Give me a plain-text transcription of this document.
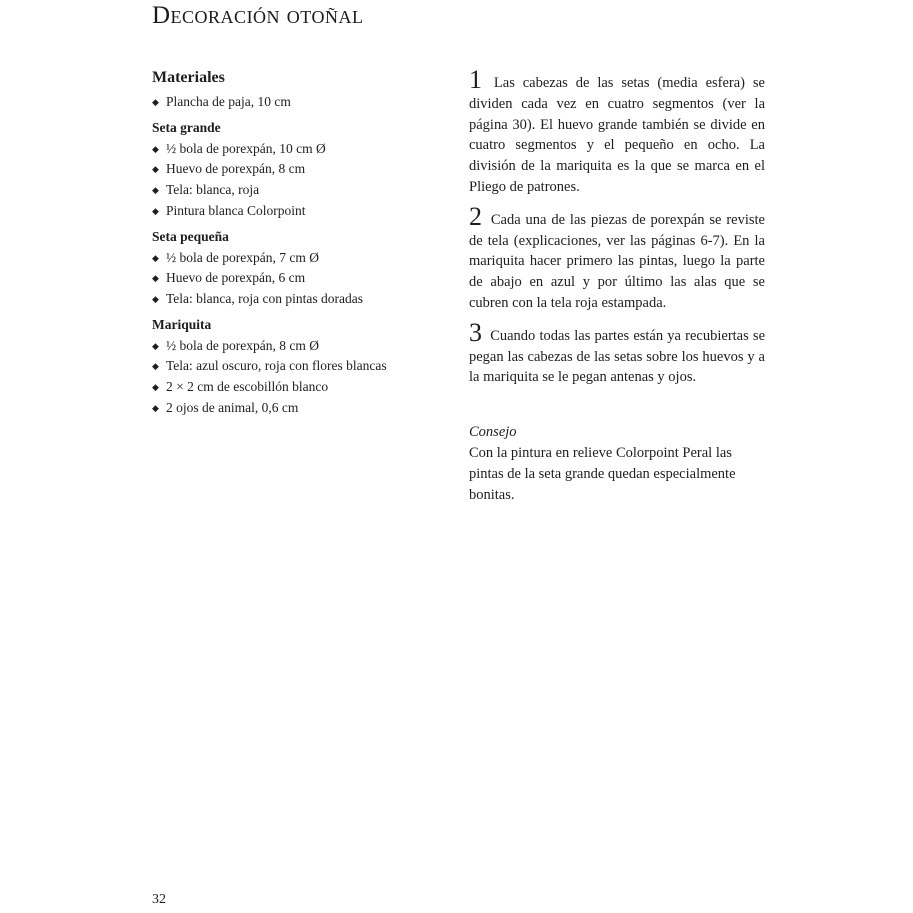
Decoración otoñal
Materiales
◆ Plancha de paja, 10 cm
Seta grande
◆ ½ bola de porexpán, 10 cm Ø
◆ Huevo de porexpán, 8 cm
◆ Tela: blanca, roja
◆ Pintura blanca Colorpoint
Seta pequeña
◆ ½ bola de porexpán, 7 cm Ø
◆ Huevo de porexpán, 6 cm
◆ Tela: blanca, roja con pintas doradas
Mariquita
◆ ½ bola de porexpán, 8 cm Ø
◆ Tela: azul oscuro, roja con flores blancas
◆ 2 × 2 cm de escobillón blanco
◆ 2 ojos de animal, 0,6 cm

1 Las cabezas de las setas (media esfera) se dividen cada vez en cuatro segmentos (ver la página 30). El huevo grande también se divide en cuatro segmentos y el pequeño en ocho. La división de la mariquita es la que se marca en el Pliego de patrones.

2 Cada una de las piezas de porexpán se reviste de tela (explicaciones, ver las páginas 6-7). En la mariquita hacer primero las pintas, luego la parte de abajo en azul y por último las alas que se cubren con la tela roja estampada.

3 Cuando todas las partes están ya recubiertas se pegan las cabezas de las setas sobre los huevos y a la mariquita se le pegan antenas y ojos.

Consejo
Con la pintura en relieve Colorpoint Peral las pintas de la seta grande quedan especialmente bonitas.
32
